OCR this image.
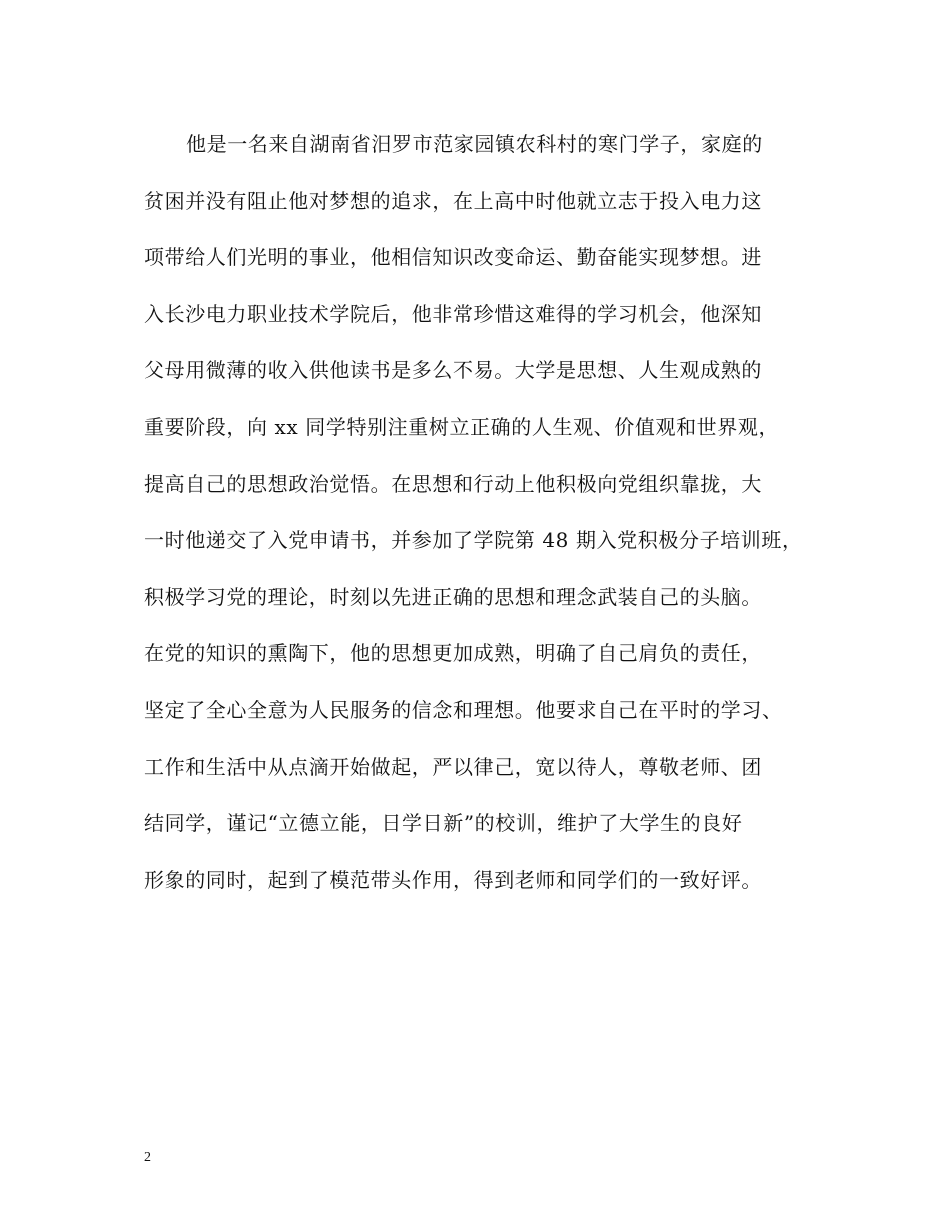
他是一名来自湖南省汨罗市范家园镇农科村的寒门学子，家庭的
贫困并没有阻止他对梦想的追求，在上高中时他就立志于投入电力这
项带给人们光明的事业，他相信知识改变命运、勤奋能实现梦想。进
入长沙电力职业技术学院后，他非常珍惜这难得的学习机会，他深知
父母用微薄的收入供他读书是多么不易。大学是思想、人生观成熟的
重要阶段，向 xx 同学特别注重树立正确的人生观、价值观和世界观，
提高自己的思想政治觉悟。在思想和行动上他积极向党组织靠拢，大
一时他递交了入党申请书，并参加了学院第 48 期入党积极分子培训班，
积极学习党的理论，时刻以先进正确的思想和理念武装自己的头脑。
在党的知识的熏陶下，他的思想更加成熟，明确了自己肩负的责任，
坚定了全心全意为人民服务的信念和理想。他要求自己在平时的学习、
工作和生活中从点滴开始做起，严以律己，宽以待人，尊敬老师、团
结同学，谨记“立德立能，日学日新”的校训，维护了大学生的良好
形象的同时，起到了模范带头作用，得到老师和同学们的一致好评。
2
